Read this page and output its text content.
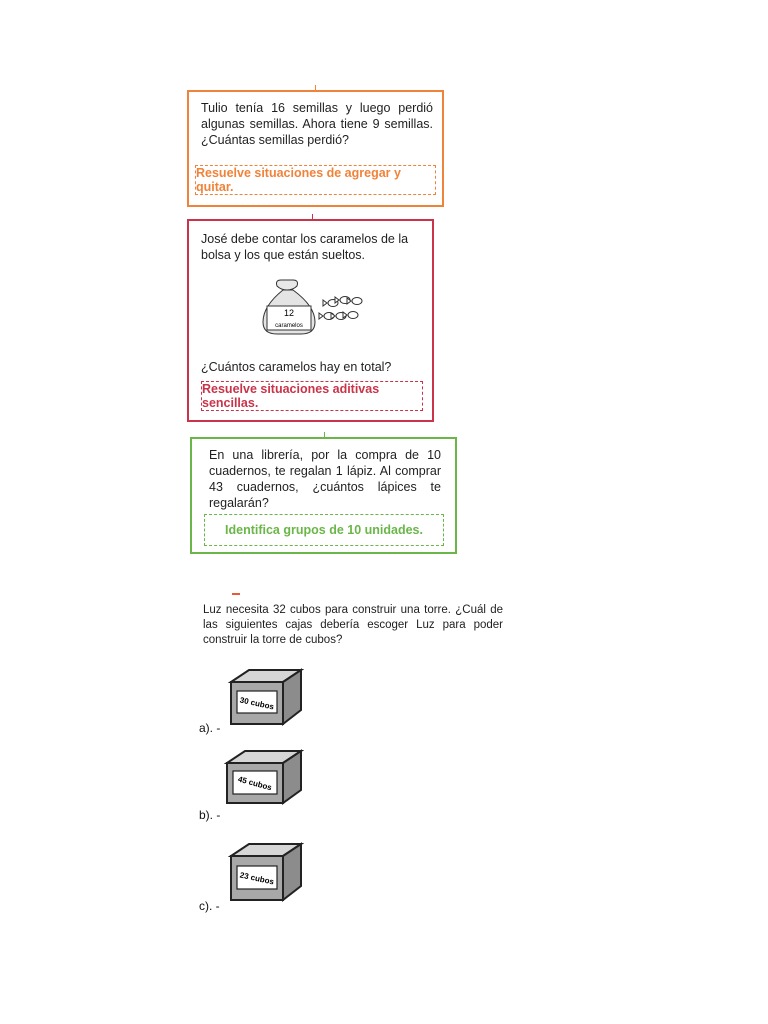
Tulio tenía 16 semillas y luego perdió algunas semillas. Ahora tiene 9 semillas. ¿Cuántas semillas perdió?

Resuelve situaciones de agregar y quitar.

José debe contar los caramelos de la bolsa y los que están sueltos.

12
caramelos

¿Cuántos caramelos hay en total?

Resuelve situaciones aditivas sencillas.

En una librería, por la compra de 10 cuadernos, te regalan 1 lápiz. Al comprar 43 cuadernos, ¿cuántos lápices te regalarán?

Identifica grupos de 10 unidades.

Luz necesita 32 cubos para construir una torre. ¿Cuál de las siguientes cajas debería escoger Luz para poder construir la torre de cubos?

30 cubos
a). -
45 cubos
b). -
23 cubos
c). -
